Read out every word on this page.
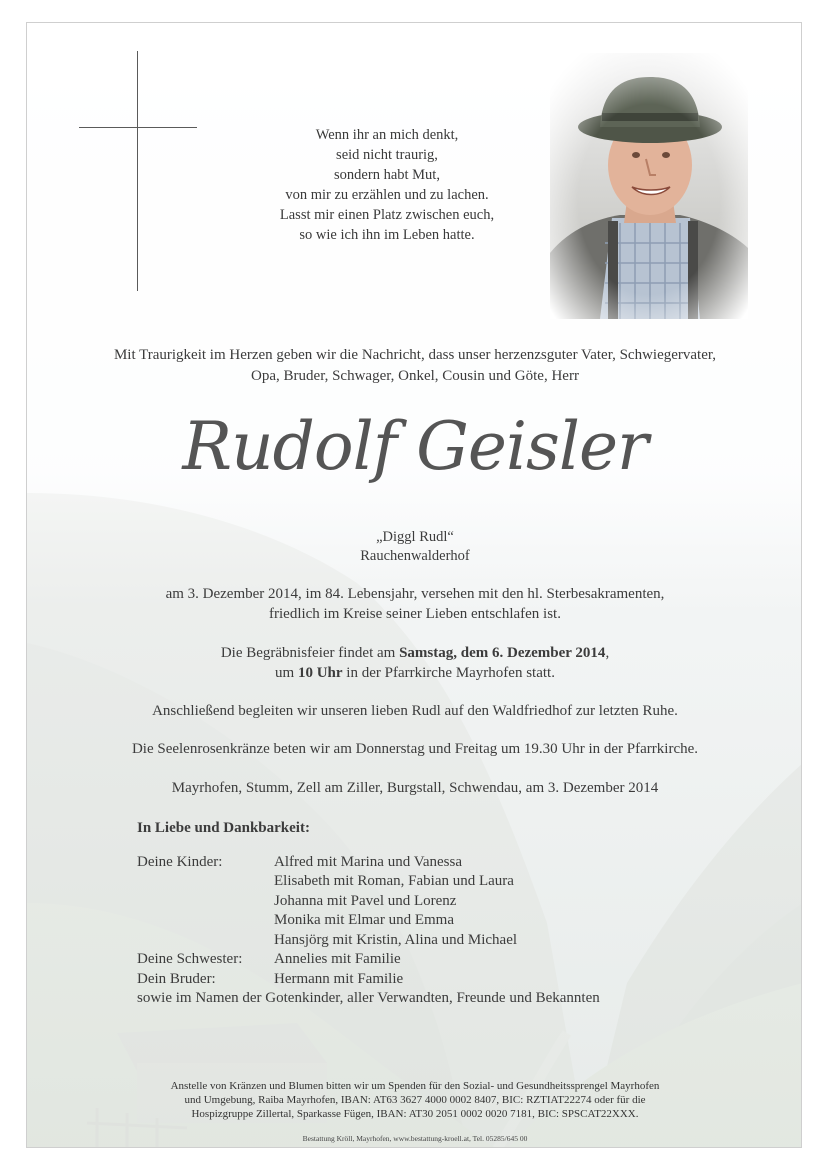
Wenn ihr an mich denkt,
seid nicht traurig,
sondern habt Mut,
von mir zu erzählen und zu lachen.
Lasst mir einen Platz zwischen euch,
so wie ich ihn im Leben hatte.
Mit Traurigkeit im Herzen geben wir die Nachricht, dass unser herzenzsguter Vater, Schwiegervater,
Opa, Bruder, Schwager, Onkel, Cousin und Göte, Herr
Rudolf Geisler
„Diggl Rudl“
Rauchenwalderhof
am 3. Dezember 2014, im 84. Lebensjahr, versehen mit den hl. Sterbesakramenten,
friedlich im Kreise seiner Lieben entschlafen ist.
Die Begräbnisfeier findet am Samstag, dem 6. Dezember 2014,
um 10 Uhr in der Pfarrkirche Mayrhofen statt.
Anschließend begleiten wir unseren lieben Rudl auf den Waldfriedhof zur letzten Ruhe.
Die Seelenrosenkränze beten wir am Donnerstag und Freitag um 19.30 Uhr in der Pfarrkirche.
Mayrhofen, Stumm, Zell am Ziller, Burgstall, Schwendau, am 3. Dezember 2014
In Liebe und Dankbarkeit:
Deine Kinder:	Alfred mit Marina und Vanessa
Elisabeth mit Roman, Fabian und Laura
Johanna mit Pavel und Lorenz
Monika mit Elmar und Emma
Hansjörg mit Kristin, Alina und Michael
Deine Schwester:	Annelies mit Familie
Dein Bruder:	Hermann mit Familie
sowie im Namen der Gotenkinder, aller Verwandten, Freunde und Bekannten
Anstelle von Kränzen und Blumen bitten wir um Spenden für den Sozial- und Gesundheitssprengel Mayrhofen
und Umgebung, Raiba Mayrhofen, IBAN: AT63 3627 4000 0002 8407, BIC: RZTIAT22274 oder für die
Hospizgruppe Zillertal, Sparkasse Fügen, IBAN: AT30 2051 0002 0020 7181, BIC: SPSCAT22XXX.
Bestattung Kröll, Mayrhofen, www.bestattung-kroell.at, Tel. 05285/645 00
